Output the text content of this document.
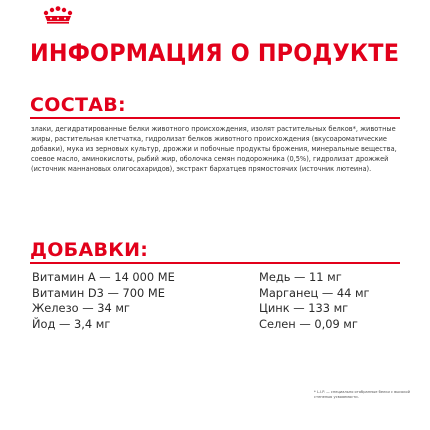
ИНФОРМАЦИЯ О ПРОДУКТЕ
СОСТАВ:

злаки, дегидратированные белки животного происхождения, изолят растительных белков*, животные жиры, растительная клетчатка, гидролизат белков животного происхождения (вкусоароматические добавки), мука из зерновых культур, дрожжи и побочные продукты брожения, минеральные вещества, соевое масло, аминокислоты, рыбий жир, оболочка семян подорожника (0,5%), гидролизат дрожжей (источник маннановых олигосахаридов), экстракт бархатцев прямостоячих (источник лютеина).

ДОБАВКИ:
Витамин А — 14 000 МЕ	Медь — 11 мг
Витамин D3 — 700 МЕ	Марганец — 44 мг
Железо — 34 мг	Цинк — 133 мг
Йод — 3,4 мг	Селен — 0,09 мг
* L.I.P. — специально отобранные белки с высокой степенью усвояемости.
